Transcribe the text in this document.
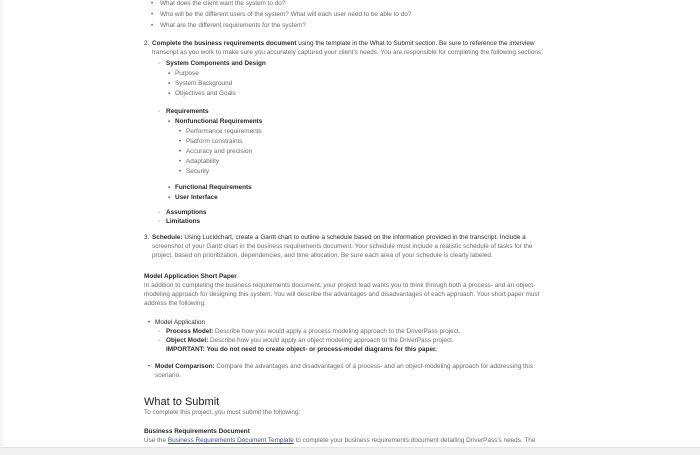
• What does the client want the system to do?
• Who will be the different users of the system? What will each user need to be able to do?
• What are the different requirements for the system?
2. Complete the business requirements document using the template in the What to Submit section. Be sure to reference the interview
transcript as you work to make sure you accurately captured your client's needs. You are responsible for completing the following sections:
◦ System Components and Design
▪ Purpose
▪ System Background
▪ Objectives and Goals
◦ Requirements
▪ Nonfunctional Requirements
• Performance requirements
• Platform constraints
• Accuracy and precision
• Adaptability
• Security
▪ Functional Requirements
▪ User Interface
◦ Assumptions
◦ Limitations
3. Schedule: Using Lucidchart, create a Gantt chart to outline a schedule based on the information provided in the transcript. Include a
screenshot of your Gantt chart in the business requirements document. Your schedule must include a realistic schedule of tasks for the
project, based on prioritization, dependencies, and time allocation. Be sure each area of your schedule is clearly labeled.
Model Application Short Paper
In addition to completing the business requirements document, your project lead wants you to think through both a process- and an object-
modeling approach for designing this system. You will describe the advantages and disadvantages of each approach. Your short paper must
address the following:
• Model Application
◦ Process Model: Describe how you would apply a process modeling approach to the DriverPass project.
◦ Object Model: Describe how you would apply an object modeling approach to the DriverPass project.
IMPORTANT: You do not need to create object- or process-model diagrams for this paper.
• Model Comparison: Compare the advantages and disadvantages of a process- and an object-modeling approach for addressing this
scenario.
What to Submit
To complete this project, you must submit the following:
Business Requirements Document
Use the Business Requirements Document Template to complete your business requirements document detailing DriverPass's needs. The
